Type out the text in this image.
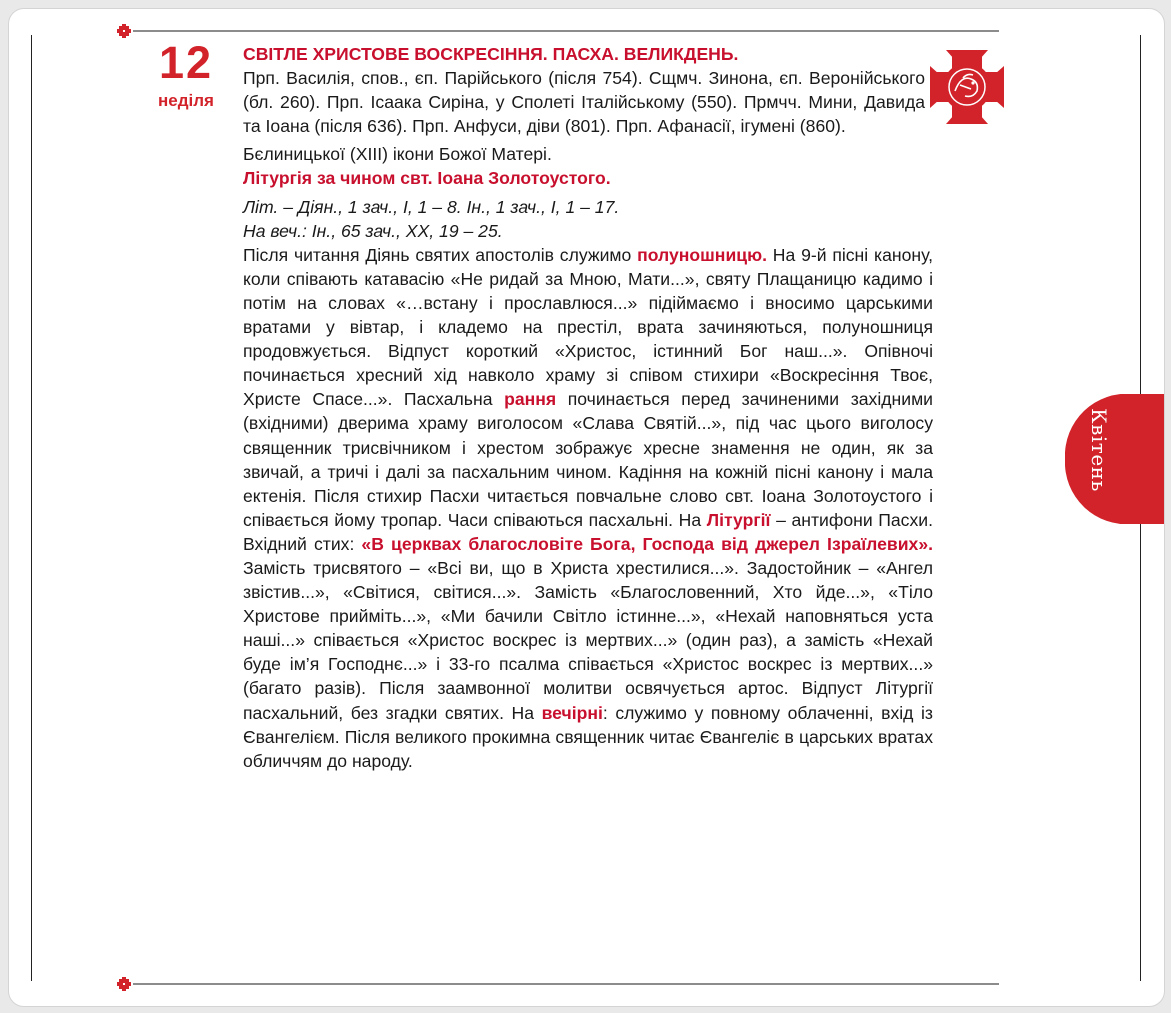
Квітень
12
неділя

СВІТЛЕ ХРИСТОВЕ ВОСКРЕСІННЯ. ПАСХА. ВЕЛИКДЕНЬ.

Прп. Василія, спов., єп. Парійського (після 754). Сщмч. Зинона, єп. Веронійського (бл. 260). Прп. Ісаака Сиріна, у Сполеті Італійському (550). Прмчч. Мини, Давида та Іоана (після 636). Прп. Анфуси, діви (801). Прп. Афанасії, ігумені (860).

Бєлиницької (XIII) ікони Божої Матері.

Літургія за чином свт. Іоана Золотоустого.

Літ. – Діян., 1 зач., І, 1 – 8. Ін., 1 зач., І, 1 – 17.

На веч.: Ін., 65 зач., ХХ, 19 – 25.

Після читання Діянь святих апостолів служимо полуношницю. На 9-й пісні канону, коли співають катавасію «Не ридай за Мною, Мати...», святу Плащаницю кадимо і потім на словах «…встану і прославлюся...» підіймаємо і вносимо царськими вратами у вівтар, і кладемо на престіл, врата зачиняються, полуношниця продовжується. Відпуст короткий «Христос, істинний Бог наш...». Опівночі починається хресний хід навколо храму зі співом стихири «Воскресіння Твоє, Христе Спасе...». Пасхальна рання починається перед зачиненими західними (вхідними) дверима храму виголосом «Слава Святій...», під час цього виголосу священник трисвічником і хрестом зображує хресне знамення не один, як за звичай, а тричі і далі за пасхальним чином. Кадіння на кожній пісні канону і мала ектенія. Після стихир Пасхи читається повчальне слово свт. Іоана Золотоустого і співається йому тропар. Часи співаються пасхальні. На Літургії – антифони Пасхи. Вхідний стих: «В церквах благословіте Бога, Господа від джерел Ізраїлевих». Замість трисвятого – «Всі ви, що в Христа хрестилися...». Задостойник – «Ангел звістив...», «Світися, світися...». Замість «Благословенний, Хто йде...», «Тіло Христове прийміть...», «Ми бачили Світло істинне...», «Нехай наповняться уста наші...» співається «Христос воскрес із мертвих...» (один раз), а замість «Нехай буде ім’я Господнє...» і 33-го псалма співається «Христос воскрес із мертвих...» (багато разів). Після заамвонної молитви освячується артос. Відпуст Літургії пасхальний, без згадки святих. На вечірні: служимо у повному облаченні, вхід із Євангелієм. Після великого прокимна священник читає Євангеліє в царських вратах обличчям до народу.
